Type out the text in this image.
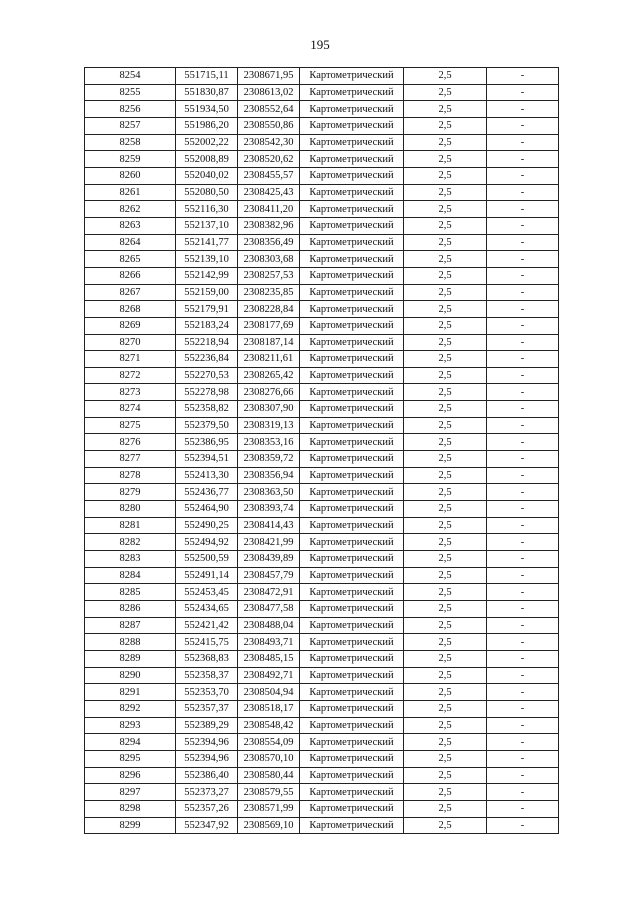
195
8254	551715,11	2308671,95	Картометрический	2,5	-
8255	551830,87	2308613,02	Картометрический	2,5	-
8256	551934,50	2308552,64	Картометрический	2,5	-
8257	551986,20	2308550,86	Картометрический	2,5	-
8258	552002,22	2308542,30	Картометрический	2,5	-
8259	552008,89	2308520,62	Картометрический	2,5	-
8260	552040,02	2308455,57	Картометрический	2,5	-
8261	552080,50	2308425,43	Картометрический	2,5	-
8262	552116,30	2308411,20	Картометрический	2,5	-
8263	552137,10	2308382,96	Картометрический	2,5	-
8264	552141,77	2308356,49	Картометрический	2,5	-
8265	552139,10	2308303,68	Картометрический	2,5	-
8266	552142,99	2308257,53	Картометрический	2,5	-
8267	552159,00	2308235,85	Картометрический	2,5	-
8268	552179,91	2308228,84	Картометрический	2,5	-
8269	552183,24	2308177,69	Картометрический	2,5	-
8270	552218,94	2308187,14	Картометрический	2,5	-
8271	552236,84	2308211,61	Картометрический	2,5	-
8272	552270,53	2308265,42	Картометрический	2,5	-
8273	552278,98	2308276,66	Картометрический	2,5	-
8274	552358,82	2308307,90	Картометрический	2,5	-
8275	552379,50	2308319,13	Картометрический	2,5	-
8276	552386,95	2308353,16	Картометрический	2,5	-
8277	552394,51	2308359,72	Картометрический	2,5	-
8278	552413,30	2308356,94	Картометрический	2,5	-
8279	552436,77	2308363,50	Картометрический	2,5	-
8280	552464,90	2308393,74	Картометрический	2,5	-
8281	552490,25	2308414,43	Картометрический	2,5	-
8282	552494,92	2308421,99	Картометрический	2,5	-
8283	552500,59	2308439,89	Картометрический	2,5	-
8284	552491,14	2308457,79	Картометрический	2,5	-
8285	552453,45	2308472,91	Картометрический	2,5	-
8286	552434,65	2308477,58	Картометрический	2,5	-
8287	552421,42	2308488,04	Картометрический	2,5	-
8288	552415,75	2308493,71	Картометрический	2,5	-
8289	552368,83	2308485,15	Картометрический	2,5	-
8290	552358,37	2308492,71	Картометрический	2,5	-
8291	552353,70	2308504,94	Картометрический	2,5	-
8292	552357,37	2308518,17	Картометрический	2,5	-
8293	552389,29	2308548,42	Картометрический	2,5	-
8294	552394,96	2308554,09	Картометрический	2,5	-
8295	552394,96	2308570,10	Картометрический	2,5	-
8296	552386,40	2308580,44	Картометрический	2,5	-
8297	552373,27	2308579,55	Картометрический	2,5	-
8298	552357,26	2308571,99	Картометрический	2,5	-
8299	552347,92	2308569,10	Картометрический	2,5	-
